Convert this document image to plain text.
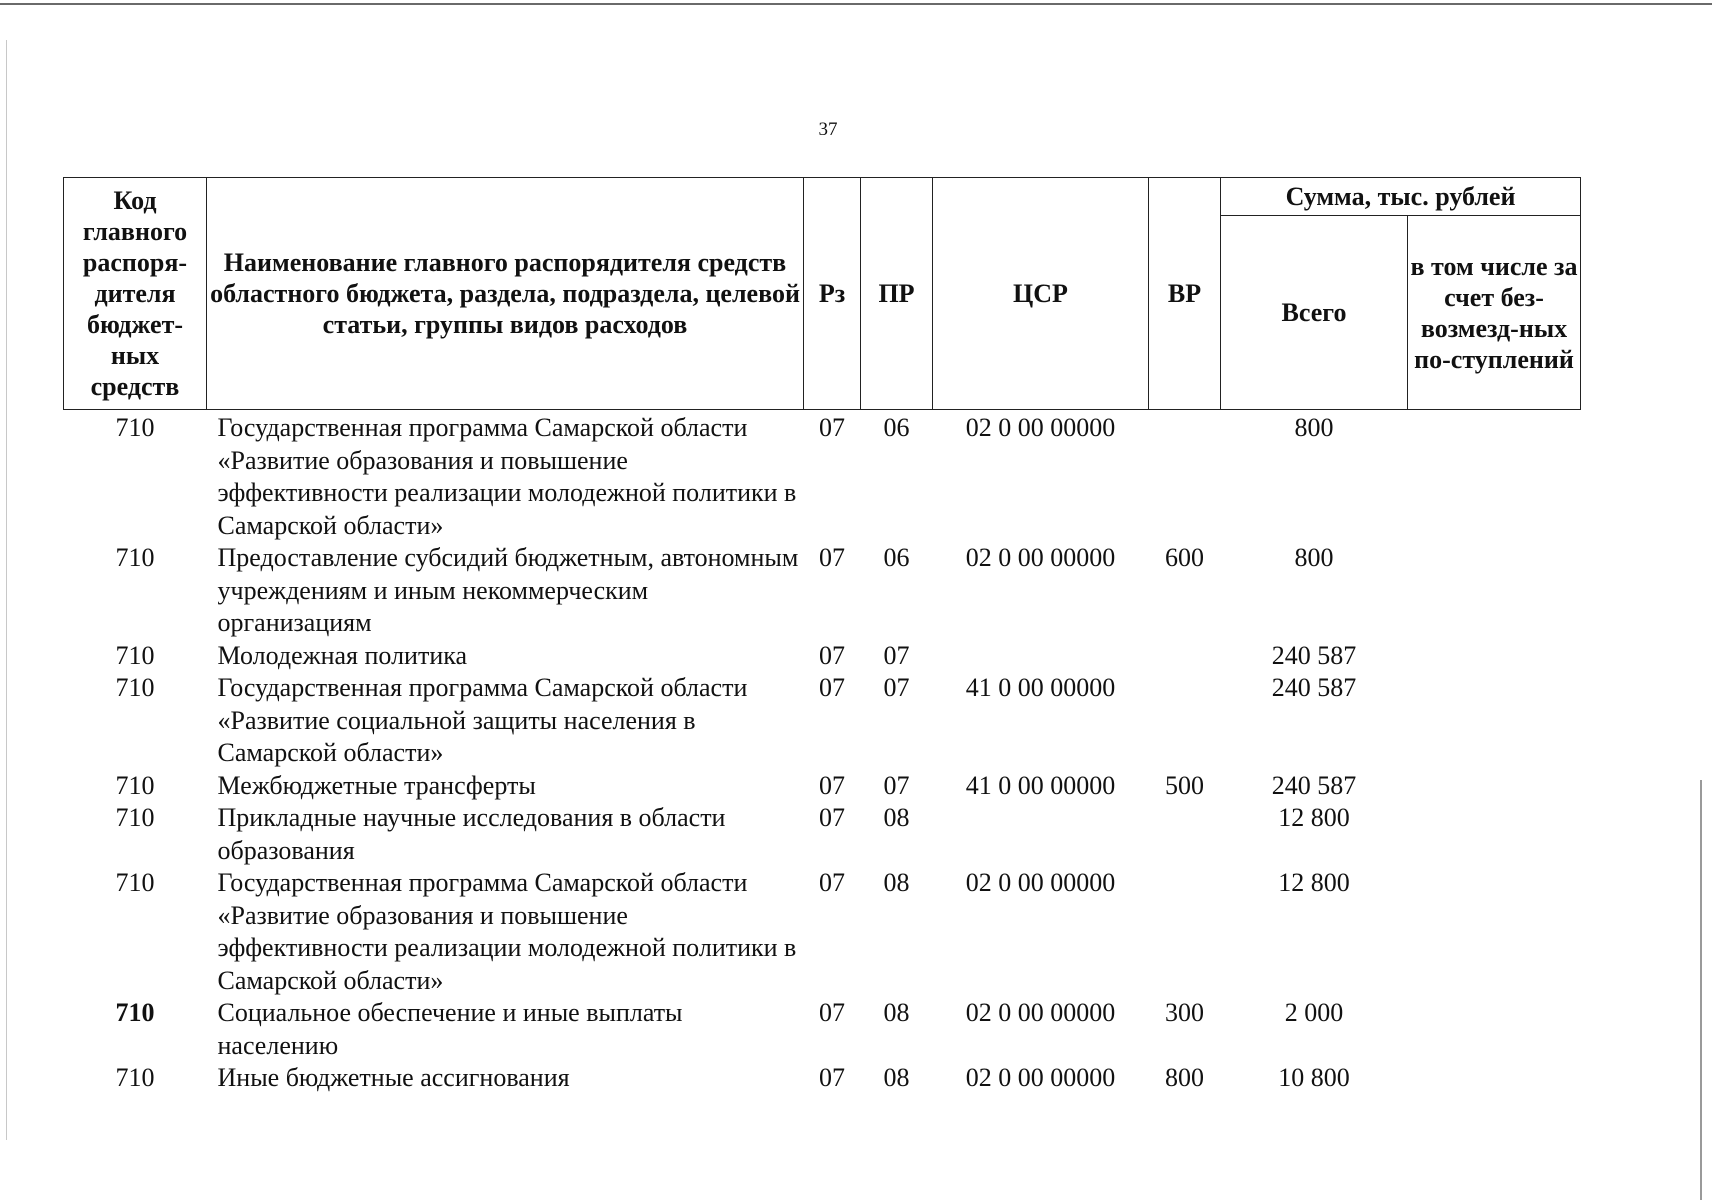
37
Код главного распоря-дителя бюджет-ных средств	Наименование главного распорядителя средств областного бюджета, раздела, подраздела, целевой статьи, группы видов расходов	Рз	ПР	ЦСР	ВР	Сумма, тыс. рублей	
						Всего	в том числе за счет без-возмезд-ных по-ступлений
710	Государственная программа Самарской области «Развитие образования и повышение эффективности реализации молодежной политики в Самарской области»	07	06	02 0 00 00000		800	
710	Предоставление субсидий бюджетным, автономным учреждениям и иным некоммерческим организациям	07	06	02 0 00 00000	600	800	
710	Молодежная политика	07	07			240 587	
710	Государственная программа Самарской области «Развитие социальной защиты населения в Самарской области»	07	07	41 0 00 00000		240 587	
710	Межбюджетные трансферты	07	07	41 0 00 00000	500	240 587	
710	Прикладные научные исследования в области образования	07	08			12 800	
710	Государственная программа Самарской области «Развитие образования и повышение эффективности реализации молодежной политики в Самарской области»	07	08	02 0 00 00000		12 800	
710	Социальное обеспечение и иные выплаты населению	07	08	02 0 00 00000	300	2 000	
710	Иные бюджетные ассигнования	07	08	02 0 00 00000	800	10 800	
